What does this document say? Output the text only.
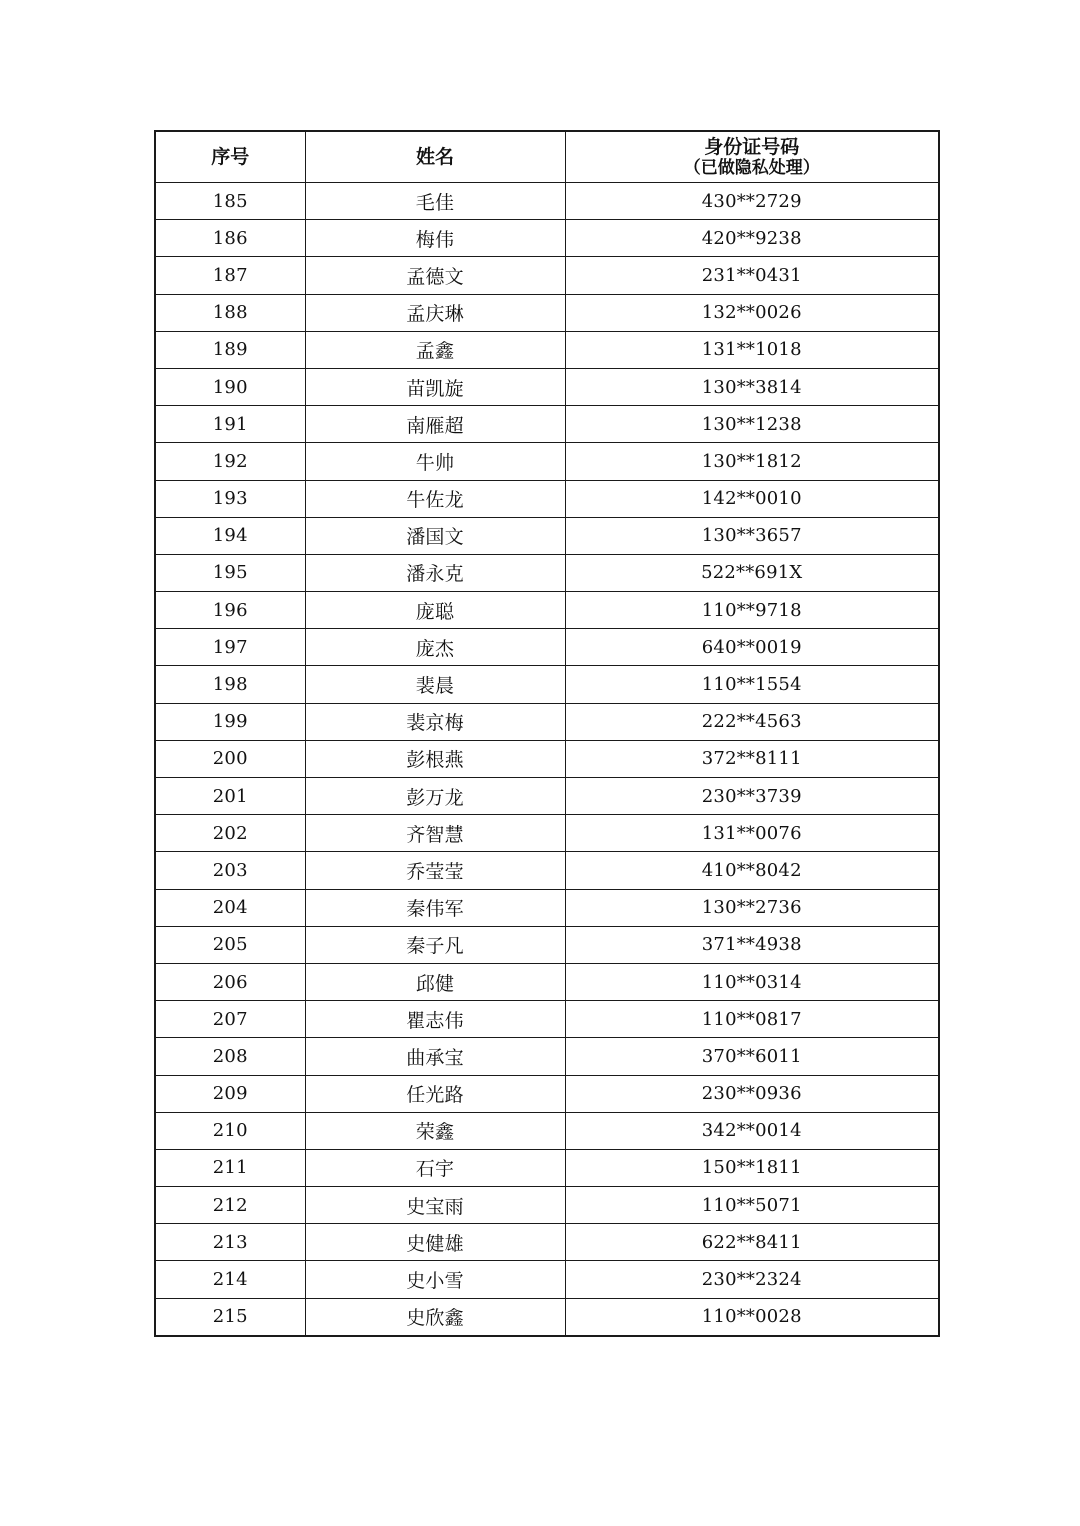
序号	姓名	身份证号码
（已做隐私处理）

185	毛佳	430**2729
186	梅伟	420**9238
187	孟德文	231**0431
188	孟庆琳	132**0026
189	孟鑫	131**1018
190	苗凯旋	130**3814
191	南雁超	130**1238
192	牛帅	130**1812
193	牛佐龙	142**0010
194	潘国文	130**3657
195	潘永克	522**691X
196	庞聪	110**9718
197	庞杰	640**0019
198	裴晨	110**1554
199	裴京梅	222**4563
200	彭根燕	372**8111
201	彭万龙	230**3739
202	齐智慧	131**0076
203	乔莹莹	410**8042
204	秦伟军	130**2736
205	秦子凡	371**4938
206	邱健	110**0314
207	瞿志伟	110**0817
208	曲承宝	370**6011
209	任光路	230**0936
210	荣鑫	342**0014
211	石宇	150**1811
212	史宝雨	110**5071
213	史健雄	622**8411
214	史小雪	230**2324
215	史欣鑫	110**0028
